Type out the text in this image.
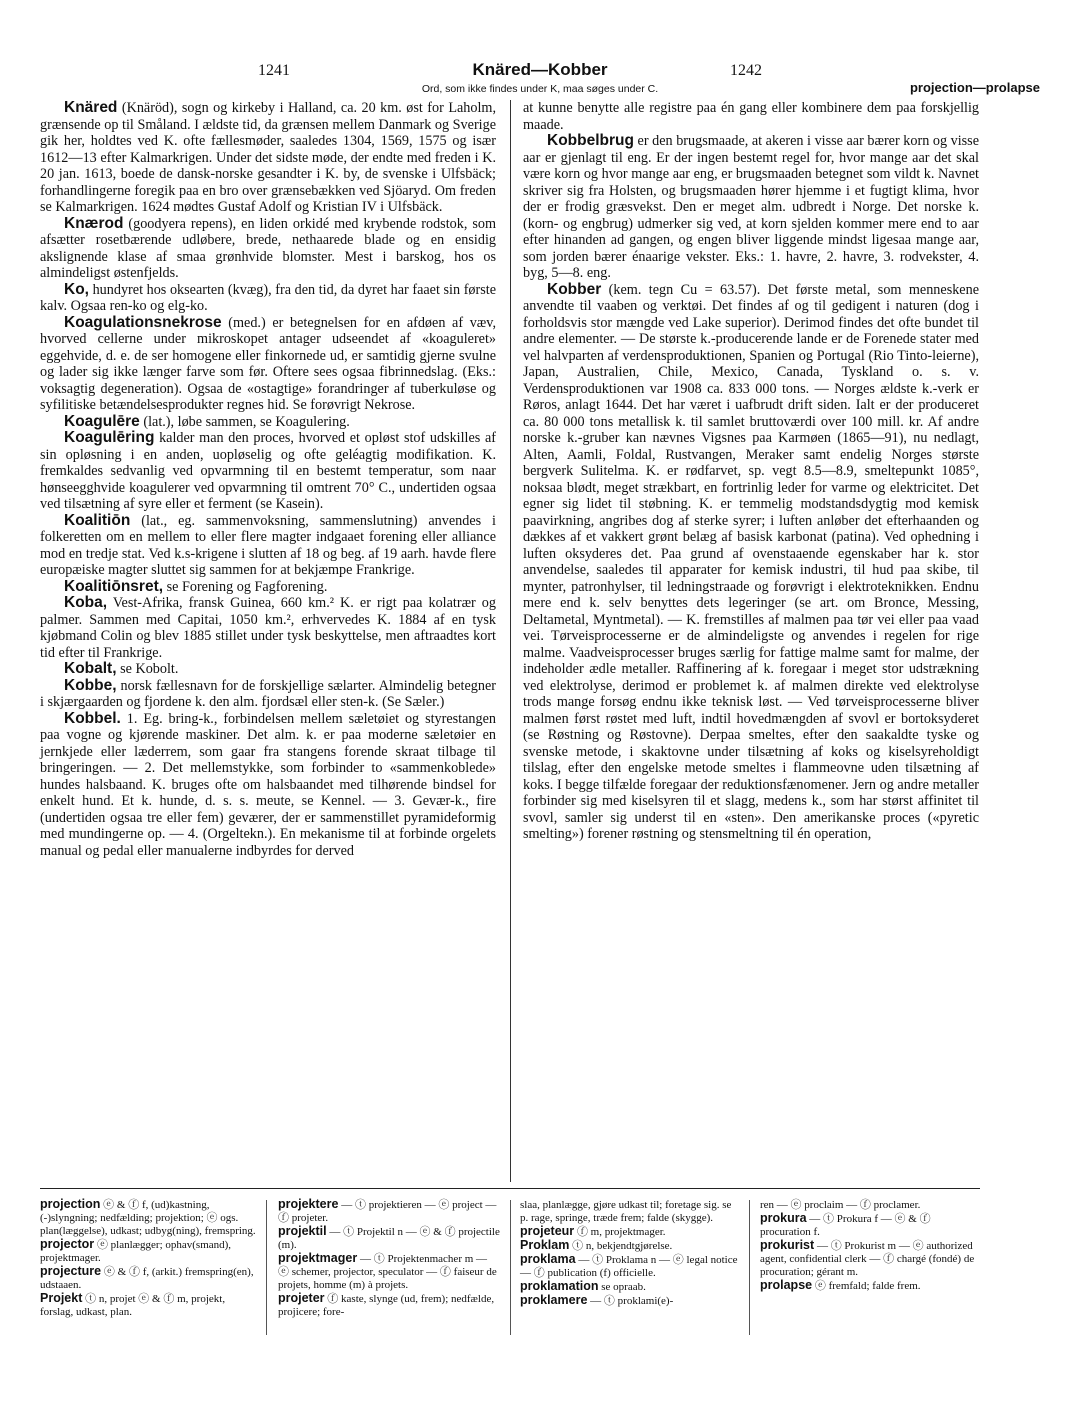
1241	Knäred—Kobber	1242
projection—prolapse
Ord, som ikke findes under K, maa søges under C.

Knäred (Knäröd), sogn og kirkeby i Halland, ca. 20 km. øst for Laholm, grænsende op til Småland. I ældste tid, da grænsen mellem Danmark og Sverige gik her, holdtes ved K. ofte fællesmøder, saaledes 1304, 1569, 1575 og især 1612—13 efter Kalmarkrigen. Under det sidste møde, der endte med freden i K. 20 jan. 1613, boede de dansk-norske gesandter i K. by, de svenske i Ulfsbäck; forhandlingerne foregik paa en bro over grænsebækken ved Sjöaryd. Om freden se Kalmarkrigen. 1624 mødtes Gustaf Adolf og Kristian IV i Ulfsbäck.

Knærod (goodyera repens), en liden orkidé med krybende rodstok, som afsætter rosetbærende udløbere, brede, nethaarede blade og en ensidig akslignende klase af smaa grønhvide blomster. Mest i barskog, hos os almindeligst østenfjelds.

Ko, hundyret hos oksearten (kvæg), fra den tid, da dyret har faaet sin første kalv. Ogsaa ren-ko og elg-ko.

Koagulationsnekrose (med.) er betegnelsen for en afdøen af væv, hvorved cellerne under mikroskopet antager udseendet af «koaguleret» eggehvide, d. e. de ser homogene eller finkornede ud, er samtidig gjerne svulne og lader sig ikke længer farve som før. Oftere sees ogsaa fibrinnedslag. (Eks.: voksagtig degeneration). Ogsaa de «ostagtige» forandringer af tuberkuløse og syfilitiske betændelsesprodukter regnes hid. Se forøvrigt Nekrose.

Koagulēre (lat.), løbe sammen, se Koagulering.

Koagulēring kalder man den proces, hvorved et opløst stof udskilles af sin opløsning i en anden, uopløselig og ofte geléagtig modifikation. K. fremkaldes sedvanlig ved opvarmning til en bestemt temperatur, som naar hønseegghvide koagulerer ved opvarmning til omtrent 70° C., undertiden ogsaa ved tilsætning af syre eller et ferment (se Kasein).

Koalitiōn (lat., eg. sammenvoksning, sammenslutning) anvendes i folkeretten om en mellem to eller flere magter indgaaet forening eller alliance mod en tredje stat. Ved k.s-krigene i slutten af 18 og beg. af 19 aarh. havde flere europæiske magter sluttet sig sammen for at bekjæmpe Frankrige.

Koalitiōnsret, se Forening og Fagforening.

Koba, Vest-Afrika, fransk Guinea, 660 km.² K. er rigt paa kolatrær og palmer. Sammen med Capitai, 1050 km.², erhvervedes K. 1884 af en tysk kjøbmand Colin og blev 1885 stillet under tysk beskyttelse, men aftraadtes kort tid efter til Frankrige.

Kobalt, se Kobolt.

Kobbe, norsk fællesnavn for de forskjellige sælarter. Almindelig betegner i skjærgaarden og fjordene k. den alm. fjordsæl eller sten-k. (Se Sæler.)

Kobbel. 1. Eg. bring-k., forbindelsen mellem sæletøiet og styrestangen paa vogne og kjørende maskiner. Det alm. k. er paa moderne sæletøier en jernkjede eller læderrem, som gaar fra stangens forende skraat tilbage til bringeringen. — 2. Det mellemstykke, som forbinder to «sammenkoblede» hundes halsbaand. K. bruges ofte om halsbaandet med tilhørende bindsel for enkelt hund. Et k. hunde, d. s. s. meute, se Kennel. — 3. Gevær-k., fire (undertiden ogsaa tre eller fem) geværer, der er sammenstillet pyramideformig med mundingerne op. — 4. (Orgeltekn.). En mekanisme til at forbinde orgelets manual og pedal eller manualerne indbyrdes for derved

at kunne benytte alle registre paa én gang eller kombinere dem paa forskjellig maade.

Kobbelbrug er den brugsmaade, at akeren i visse aar bærer korn og visse aar er gjenlagt til eng. Er der ingen bestemt regel for, hvor mange aar det skal være korn og hvor mange aar eng, er brugsmaaden betegnet som vildt k. Navnet skriver sig fra Holsten, og brugsmaaden hører hjemme i et fugtigt klima, hvor der er frodig græsvekst. Den er meget alm. udbredt i Norge. Det norske k. (korn- og engbrug) udmerker sig ved, at korn sjelden kommer mere end to aar efter hinanden ad gangen, og engen bliver liggende mindst ligesaa mange aar, som jorden bærer énaarige vekster. Eks.: 1. havre, 2. havre, 3. rodvekster, 4. byg, 5—8. eng.

Kobber (kem. tegn Cu = 63.57). Det første metal, som menneskene anvendte til vaaben og verktøi. Det findes af og til gedigent i naturen (dog i forholdsvis stor mængde ved Lake superior). Derimod findes det ofte bundet til andre elementer. — De største k.-producerende lande er de Forenede stater med vel halvparten af verdensproduktionen, Spanien og Portugal (Rio Tinto-leierne), Japan, Australien, Chile, Mexico, Canada, Tyskland o. s. v. Verdensproduktionen var 1908 ca. 833 000 tons. — Norges ældste k.-verk er Røros, anlagt 1644. Det har været i uafbrudt drift siden. Ialt er der produceret ca. 80 000 tons metallisk k. til samlet bruttoværdi over 100 mill. kr. Af andre norske k.-gruber kan nævnes Vigsnes paa Karmøen (1865—91), nu nedlagt, Alten, Aamli, Foldal, Rustvangen, Meraker samt endelig Norges største bergverk Sulitelma. K. er rødfarvet, sp. vegt 8.5—8.9, smeltepunkt 1085°, noksaa blødt, meget strækbart, en fortrinlig leder for varme og elektricitet. Det egner sig lidet til støbning. K. er temmelig modstandsdygtig mod kemisk paavirkning, angribes dog af sterke syrer; i luften anløber det efterhaanden og dækkes af et vakkert grønt belæg af basisk karbonat (patina). Ved ophedning i luften oksyderes det. Paa grund af ovenstaaende egenskaber har k. stor anvendelse, saaledes til apparater for kemisk industri, til hud paa skibe, til mynter, patronhylser, til ledningstraade og forøvrigt i elektroteknikken. Endnu mere end k. selv benyttes dets legeringer (se art. om Bronce, Messing, Deltametal, Myntmetal). — K. fremstilles af malmen paa tør vei eller paa vaad vei. Tørveisprocesserne er de almindeligste og anvendes i regelen for rige malme. Vaadveisprocesser bruges særlig for fattige malme samt for malme, der indeholder ædle metaller. Raffinering af k. foregaar i meget stor udstrækning ved elektrolyse, derimod er problemet k. af malmen direkte ved elektrolyse trods mange forsøg endnu ikke teknisk løst. — Ved tørveisprocesserne bliver malmen først røstet med luft, indtil hovedmængden af svovl er bortoksyderet (se Røstning og Røstovne). Derpaa smeltes, efter den saakaldte tyske og svenske metode, i skaktovne under tilsætning af koks og kiselsyreholdigt tilslag, efter den engelske metode smeltes i flammeovne uden tilsætning af koks. I begge tilfælde foregaar der reduktionsfænomener. Jern og andre metaller forbinder sig med kiselsyren til et slagg, medens k., som har størst affinitet til svovl, samler sig underst til en «sten». Den amerikanske proces («pyretic smelting») forener røstning og stensmeltning til én operation,

projection ⓔ & ⓕ f, (ud)kastning, (-)slyngning; nedfælding; projektion; ⓔ ogs. plan(læggelse), udkast; udbyg(ning), fremspring.

projector ⓔ planlægger; ophav(smand), projektmager.

projecture ⓔ & ⓕ f, (arkit.) fremspring(en), udstaaen.

Projekt ⓣ n, projet ⓔ & ⓕ m, projekt, forslag, udkast, plan.

projektere — ⓣ projektieren — ⓔ project — ⓕ projeter.

projektil — ⓣ Projektil n — ⓔ & ⓕ projectile (m).

projektmager — ⓣ Projektenmacher m — ⓔ schemer, projector, speculator — ⓕ faiseur de projets, homme (m) à projets.

projeter ⓕ kaste, slynge (ud, frem); nedfælde, projicere; fore-

slaa, planlægge, gjøre udkast til; foretage sig. se p. rage, springe, træde frem; falde (skygge).

projeteur ⓕ m, projektmager.

Proklam ⓣ n, bekjendtgjørelse.

proklama — ⓣ Proklama n — ⓔ legal notice — ⓕ publication (f) officielle.

proklamation se opraab.

proklamere — ⓣ proklami(e)-

ren — ⓔ proclaim — ⓕ proclamer.

prokura — ⓣ Prokura f — ⓔ & ⓕ procuration f.

prokurist — ⓣ Prokurist m — ⓔ authorized agent, confidential clerk — ⓕ chargé (fondé) de procuration; gérant m.

prolapse ⓔ fremfald; falde frem.
